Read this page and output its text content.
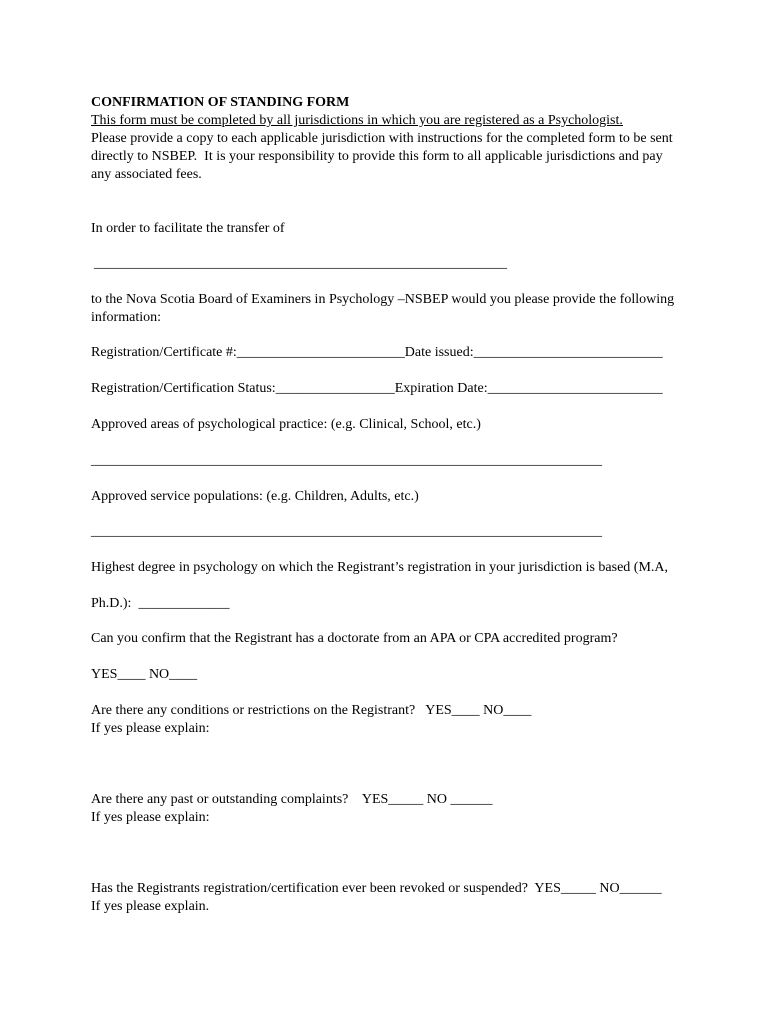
CONFIRMATION OF STANDING FORM
This form must be completed by all jurisdictions in which you are registered as a Psychologist.
Please provide a copy to each applicable jurisdiction with instructions for the completed form to be sent
directly to NSBEP.  It is your responsibility to provide this form to all applicable jurisdictions and pay
any associated fees.
In order to facilitate the transfer of
___________________________________________________________
to the Nova Scotia Board of Examiners in Psychology –NSBEP would you please provide the following
information:
Registration/Certificate #:________________________Date issued:___________________________
Registration/Certification Status:_________________Expiration Date:_________________________
Approved areas of psychological practice: (e.g. Clinical, School, etc.)
_________________________________________________________________________
Approved service populations: (e.g. Children, Adults, etc.)
_________________________________________________________________________
Highest degree in psychology on which the Registrant’s registration in your jurisdiction is based (M.A,
Ph.D.):  _____________
Can you confirm that the Registrant has a doctorate from an APA or CPA accredited program?
YES____ NO____
Are there any conditions or restrictions on the Registrant?   YES____ NO____
If yes please explain:
Are there any past or outstanding complaints?    YES_____ NO ______
If yes please explain:
Has the Registrants registration/certification ever been revoked or suspended?  YES_____ NO______
If yes please explain.
